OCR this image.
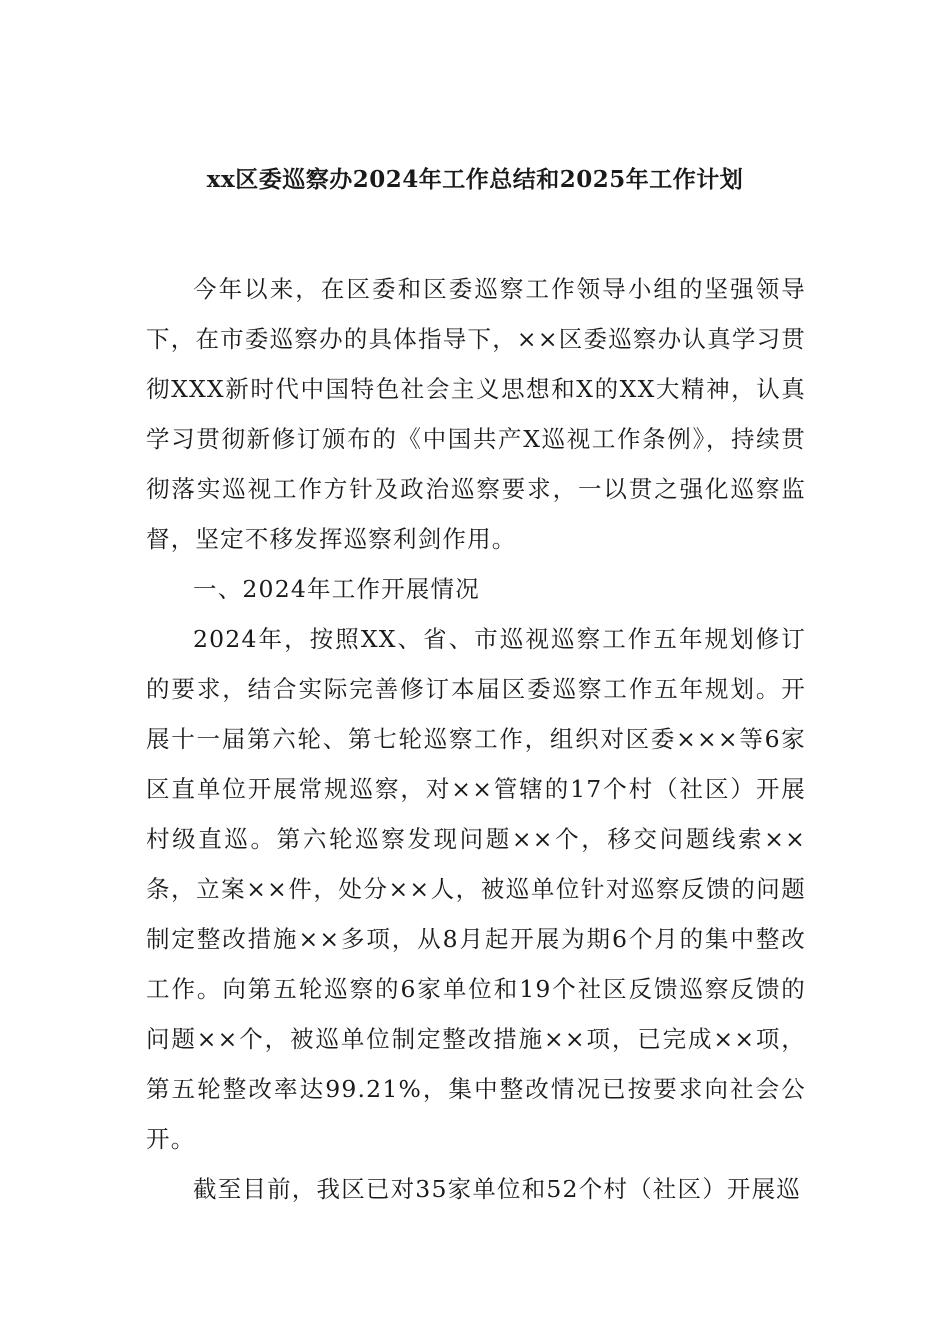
xx区委巡察办2024年工作总结和2025年工作计划

今年以来，在区委和区委巡察工作领导小组的坚强领导下，在市委巡察办的具体指导下，××区委巡察办认真学习贯彻XXX新时代中国特色社会主义思想和X的XX大精神，认真学习贯彻新修订颁布的《中国共产X巡视工作条例》，持续贯彻落实巡视工作方针及政治巡察要求，一以贯之强化巡察监督，坚定不移发挥巡察利剑作用。

一、2024年工作开展情况

2024年，按照XX、省、市巡视巡察工作五年规划修订的要求，结合实际完善修订本届区委巡察工作五年规划。开展十一届第六轮、第七轮巡察工作，组织对区委×××等6家区直单位开展常规巡察，对××管辖的17个村（社区）开展村级直巡。第六轮巡察发现问题××个，移交问题线索××条，立案××件，处分××人，被巡单位针对巡察反馈的问题制定整改措施××多项，从8月起开展为期6个月的集中整改工作。向第五轮巡察的6家单位和19个社区反馈巡察反馈的问题××个，被巡单位制定整改措施××项，已完成××项，第五轮整改率达99.21%，集中整改情况已按要求向社会公开。

截至目前，我区已对35家单位和52个村（社区）开展巡
